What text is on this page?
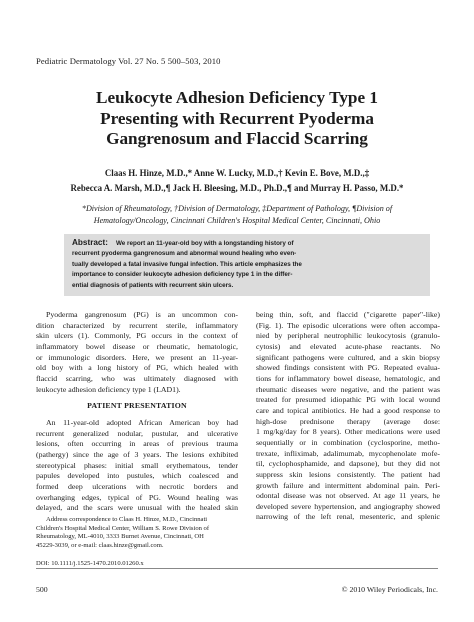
Pediatric Dermatology Vol. 27 No. 5 500–503, 2010
Leukocyte Adhesion Deficiency Type 1
Presenting with Recurrent Pyoderma
Gangrenosum and Flaccid Scarring
Claas H. Hinze, M.D.,* Anne W. Lucky, M.D.,† Kevin E. Bove, M.D.,‡
Rebecca A. Marsh, M.D.,¶ Jack H. Bleesing, M.D., Ph.D.,¶ and Murray H. Passo, M.D.*
*Division of Rheumatology, †Division of Dermatology, ‡Department of Pathology, ¶Division of
Hematology/Oncology, Cincinnati Children's Hospital Medical Center, Cincinnati, Ohio
Abstract: We report an 11-year-old boy with a longstanding history of
recurrent pyoderma gangrenosum and abnormal wound healing who even-
tually developed a fatal invasive fungal infection. This article emphasizes the
importance to consider leukocyte adhesion deficiency type 1 in the differ-
ential diagnosis of patients with recurrent skin ulcers.
Pyoderma gangrenosum (PG) is an uncommon con-
dition characterized by recurrent sterile, inflammatory
skin ulcers (1). Commonly, PG occurs in the context of
inflammatory bowel disease or rheumatic, hematologic,
or immunologic disorders. Here, we present an 11-year-
old boy with a long history of PG, which healed with
flaccid scarring, who was ultimately diagnosed with
leukocyte adhesion deficiency type 1 (LAD1).
PATIENT PRESENTATION
An 11-year-old adopted African American boy had
recurrent generalized nodular, pustular, and ulcerative
lesions, often occurring in areas of previous trauma
(pathergy) since the age of 3 years. The lesions exhibited
stereotypical phases: initial small erythematous, tender
papules developed into pustules, which coalesced and
formed deep ulcerations with necrotic borders and
overhanging edges, typical of PG. Wound healing was
delayed, and the scars were unusual with the healed skin
being thin, soft, and flaccid ("cigarette paper"-like)
(Fig. 1). The episodic ulcerations were often accompa-
nied by peripheral neutrophilic leukocytosis (granulo-
cytosis) and elevated acute-phase reactants. No
significant pathogens were cultured, and a skin biopsy
showed findings consistent with PG. Repeated evalua-
tions for inflammatory bowel disease, hematologic, and
rheumatic diseases were negative, and the patient was
treated for presumed idiopathic PG with local wound
care and topical antibiotics. He had a good response to
high-dose prednisone therapy (average dose:
1 mg/kg/day for 8 years). Other medications were used
sequentially or in combination (cyclosporine, metho-
trexate, infliximab, adalimumab, mycophenolate mofe-
til, cyclophosphamide, and dapsone), but they did not
suppress skin lesions consistently. The patient had
growth failure and intermittent abdominal pain. Peri-
odontal disease was not observed. At age 11 years, he
developed severe hypertension, and angiography showed
narrowing of the left renal, mesenteric, and splenic
Address correspondence to Claas H. Hinze, M.D., Cincinnati
Children's Hospital Medical Center, William S. Rowe Division of
Rheumatology, ML-4010, 3333 Burnet Avenue, Cincinnati, OH
45229-3039, or e-mail: claas.hinze@gmail.com.
DOI: 10.1111/j.1525-1470.2010.01260.x
500	© 2010 Wiley Periodicals, Inc.
